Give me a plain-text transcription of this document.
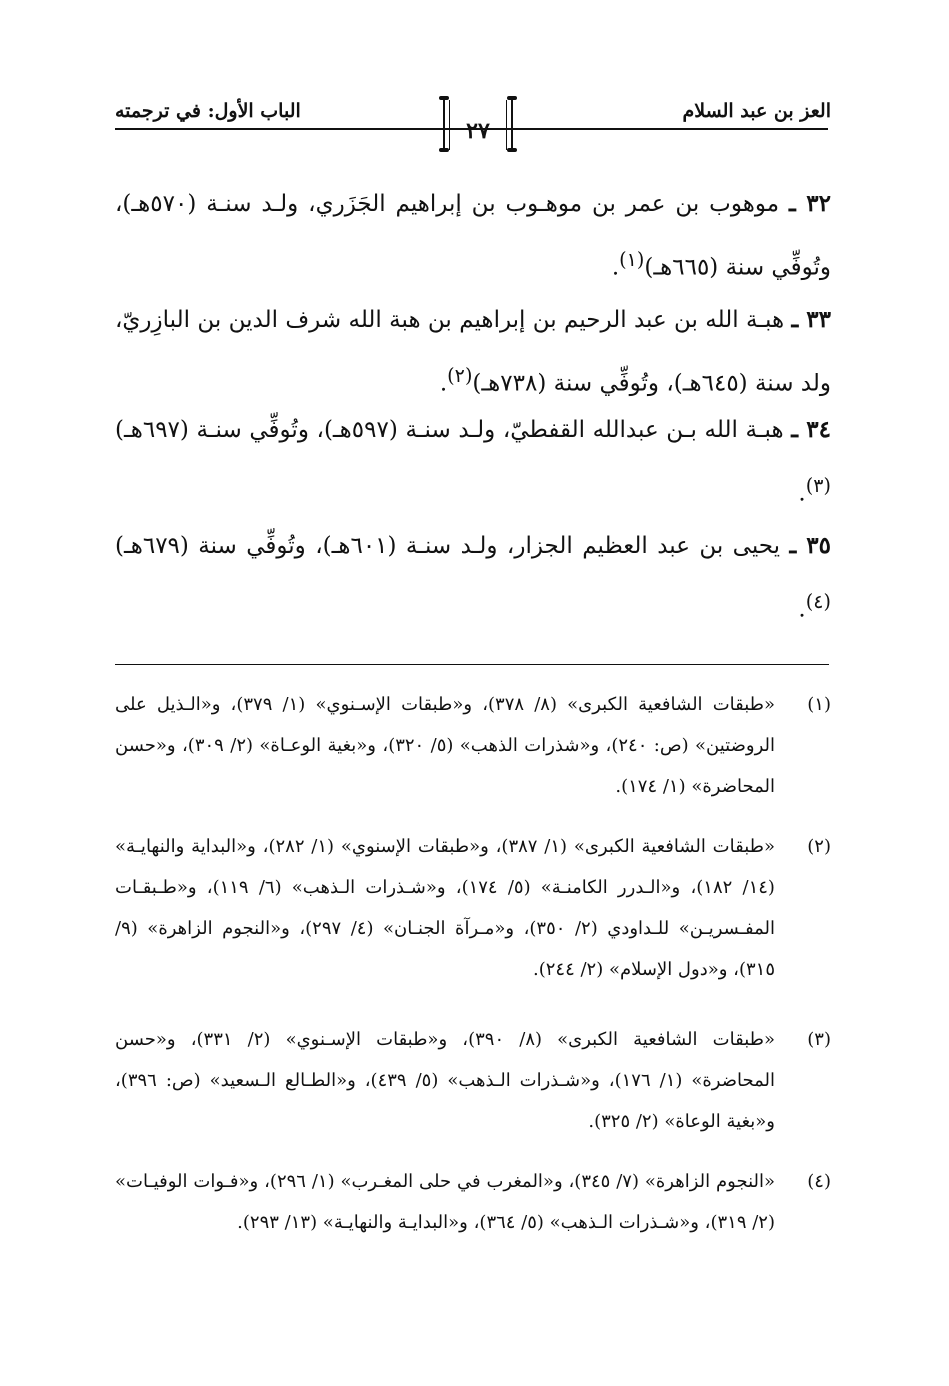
العز بن عبد السلام
الباب الأول: في ترجمته
٢٧
٣٢ ـ موهوب بن عمر بن موهـوب بن إبراهيم الجَزَري، ولـد سنـة (٥٧٠هـ)، وتُوفِّي سنة (٦٦٥هـ)$^{(١)}$.
٣٣ ـ هبـة الله بن عبد الرحيم بن إبراهيم بن هبة الله شرف الدين بن البازِريّ، ولد سنة (٦٤٥هـ)، وتُوفِّي سنة (٧٣٨هـ)$^{(٢)}$.
٣٤ ـ هبـة الله بـن عبدالله القفطيّ، ولـد سنـة (٥٩٧هـ)، وتُوفِّي سنـة (٦٩٧هـ)$^{(٣)}$.
٣٥ ـ يحيى بن عبد العظيم الجزار، ولـد سنـة (٦٠١هـ)، وتُوفِّي سنة (٦٧٩هـ)$^{(٤)}$.
(١)
«طبقات الشافعية الكبرى» (٨/ ٣٧٨)، و«طبقات الإسـنوي» (١/ ٣٧٩)، و«الـذيل على الروضتين» (ص: ٢٤٠)، و«شذرات الذهب» (٥/ ٣٢٠)، و«بغية الوعـاة» (٢/ ٣٠٩)، و«حسن المحاضرة» (١/ ١٧٤).
(٢)
«طبقات الشافعية الكبرى» (١/ ٣٨٧)، و«طبقات الإسنوي» (١/ ٢٨٢)، و«البداية والنهايـة» (١٤/ ١٨٢)، و«الـدرر الكامنـة» (٥/ ١٧٤)، و«شـذرات الـذهب» (٦/ ١١٩)، و«طـبقـات المفـسريـن» للـداودي (٢/ ٣٥٠)، و«مـرآة الجنـان» (٤/ ٢٩٧)، و«النجوم الزاهرة» (٩/ ٣١٥)، و«دول الإسلام» (٢/ ٢٤٤).
(٣)
«طبقات الشافعية الكبرى» (٨/ ٣٩٠)، و«طبقات الإسـنوي» (٢/ ٣٣١)، و«حسن المحاضرة» (١/ ١٧٦)، و«شـذرات الـذهب» (٥/ ٤٣٩)، و«الطـالع الـسعيد» (ص: ٣٩٦)، و«بغية الوعاة» (٢/ ٣٢٥).
(٤)
«النجوم الزاهرة» (٧/ ٣٤٥)، و«المغرب في حلى المغـرب» (١/ ٢٩٦)، و«فـوات الوفيـات» (٢/ ٣١٩)، و«شـذرات الـذهب» (٥/ ٣٦٤)، و«البدايـة والنهايـة» (١٣/ ٢٩٣).
